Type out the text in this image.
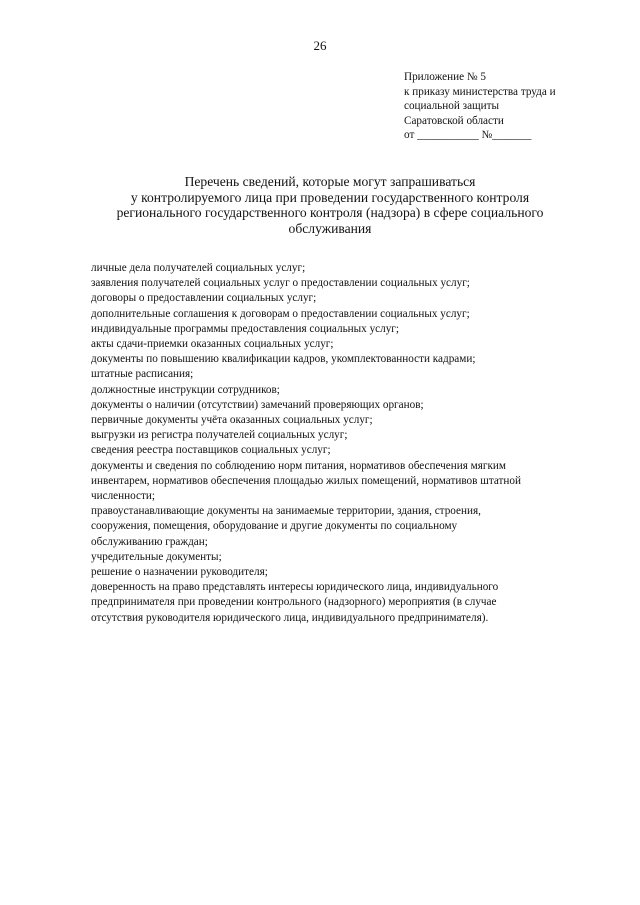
26
Приложение № 5
к приказу министерства труда и
социальной защиты
Саратовской области
от ___________ №_______
Перечень сведений, которые могут запрашиваться
у контролируемого лица при проведении государственного контроля
регионального государственного контроля (надзора) в сфере социального
обслуживания
личные дела получателей социальных услуг;
заявления получателей социальных услуг о предоставлении социальных услуг;
договоры о предоставлении социальных услуг;
дополнительные соглашения к договорам о предоставлении социальных услуг;
индивидуальные программы предоставления социальных услуг;
акты сдачи-приемки оказанных социальных услуг;
документы по повышению квалификации кадров, укомплектованности кадрами;
штатные расписания;
должностные инструкции сотрудников;
документы о наличии (отсутствии) замечаний проверяющих органов;
первичные документы учёта оказанных социальных услуг;
выгрузки из регистра получателей социальных услуг;
сведения реестра поставщиков социальных услуг;
документы и сведения по соблюдению норм питания, нормативов обеспечения мягким
инвентарем, нормативов обеспечения площадью жилых помещений, нормативов штатной
численности;
правоустанавливающие документы на занимаемые территории, здания, строения,
сооружения, помещения, оборудование и другие документы по социальному
обслуживанию граждан;
учредительные документы;
решение о назначении руководителя;
доверенность на право представлять интересы юридического лица, индивидуального
предпринимателя при проведении контрольного (надзорного) мероприятия (в случае
отсутствия руководителя юридического лица, индивидуального предпринимателя).
